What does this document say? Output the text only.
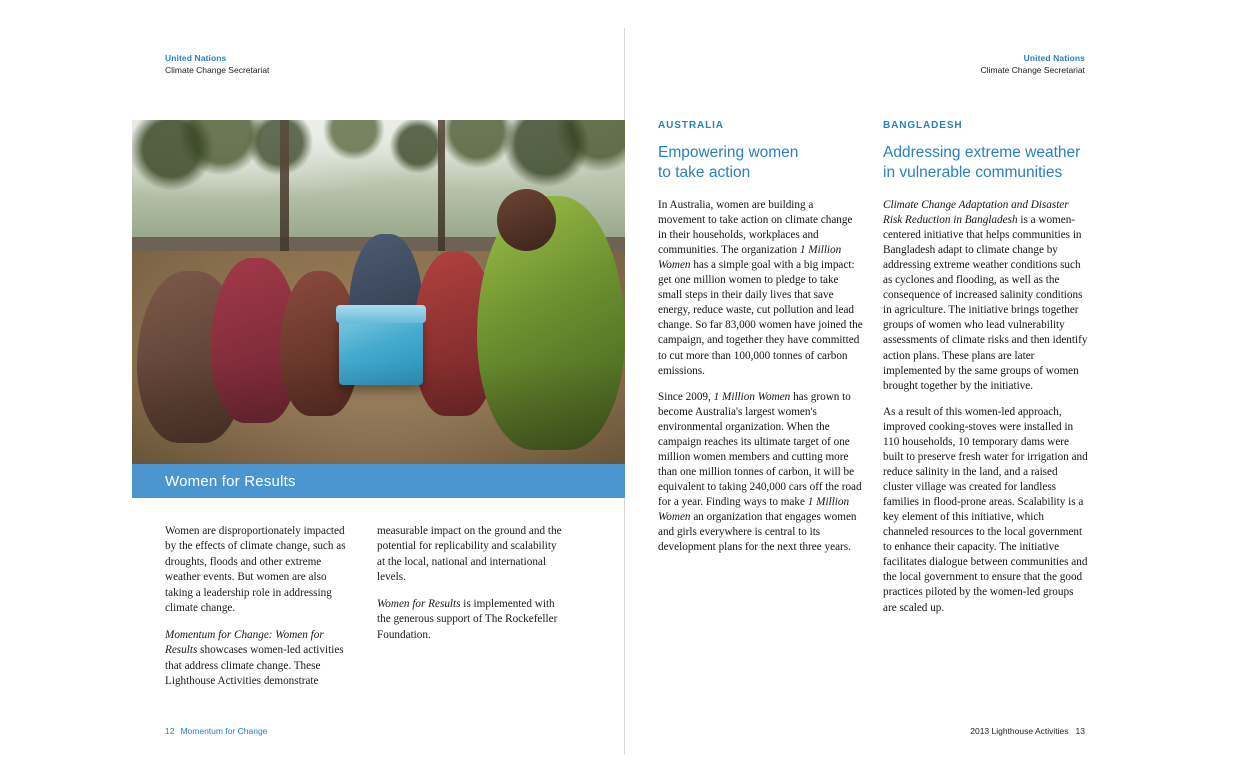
United Nations
Climate Change Secretariat
Women for Results

Women are disproportionately impacted by the effects of climate change, such as droughts, floods and other extreme weather events. But women are also taking a leadership role in addressing climate change.

Momentum for Change: Women for Results showcases women-led activities that address climate change. These Lighthouse Activities demonstrate

measurable impact on the ground and the potential for replicability and scalability at the local, national and international levels.

Women for Results is implemented with the generous support of The Rockefeller Foundation.

12 Momentum for Change
United Nations
Climate Change Secretariat
AUSTRALIA
Empowering women
to take action

In Australia, women are building a movement to take action on climate change in their households, workplaces and communities. The organization 1 Million Women has a simple goal with a big impact: get one million women to pledge to take small steps in their daily lives that save energy, reduce waste, cut pollution and lead change. So far 83,000 women have joined the campaign, and together they have committed to cut more than 100,000 tonnes of carbon emissions.

Since 2009, 1 Million Women has grown to become Australia's largest women's environmental organization. When the campaign reaches its ultimate target of one million women members and cutting more than one million tonnes of carbon, it will be equivalent to taking 240,000 cars off the road for a year. Finding ways to make 1 Million Women an organization that engages women and girls everywhere is central to its development plans for the next three years.

BANGLADESH
Addressing extreme weather
in vulnerable communities

Climate Change Adaptation and Disaster Risk Reduction in Bangladesh is a women-centered initiative that helps communities in Bangladesh adapt to climate change by addressing extreme weather conditions such as cyclones and flooding, as well as the consequence of increased salinity conditions in agriculture. The initiative brings together groups of women who lead vulnerability assessments of climate risks and then identify action plans. These plans are later implemented by the same groups of women brought together by the initiative.

As a result of this women-led approach, improved cooking-stoves were installed in 110 households, 10 temporary dams were built to preserve fresh water for irrigation and reduce salinity in the land, and a raised cluster village was created for landless families in flood-prone areas. Scalability is a key element of this initiative, which channeled resources to the local government to enhance their capacity. The initiative facilitates dialogue between communities and the local government to ensure that the good practices piloted by the women-led groups are scaled up.

2013 Lighthouse Activities 13
